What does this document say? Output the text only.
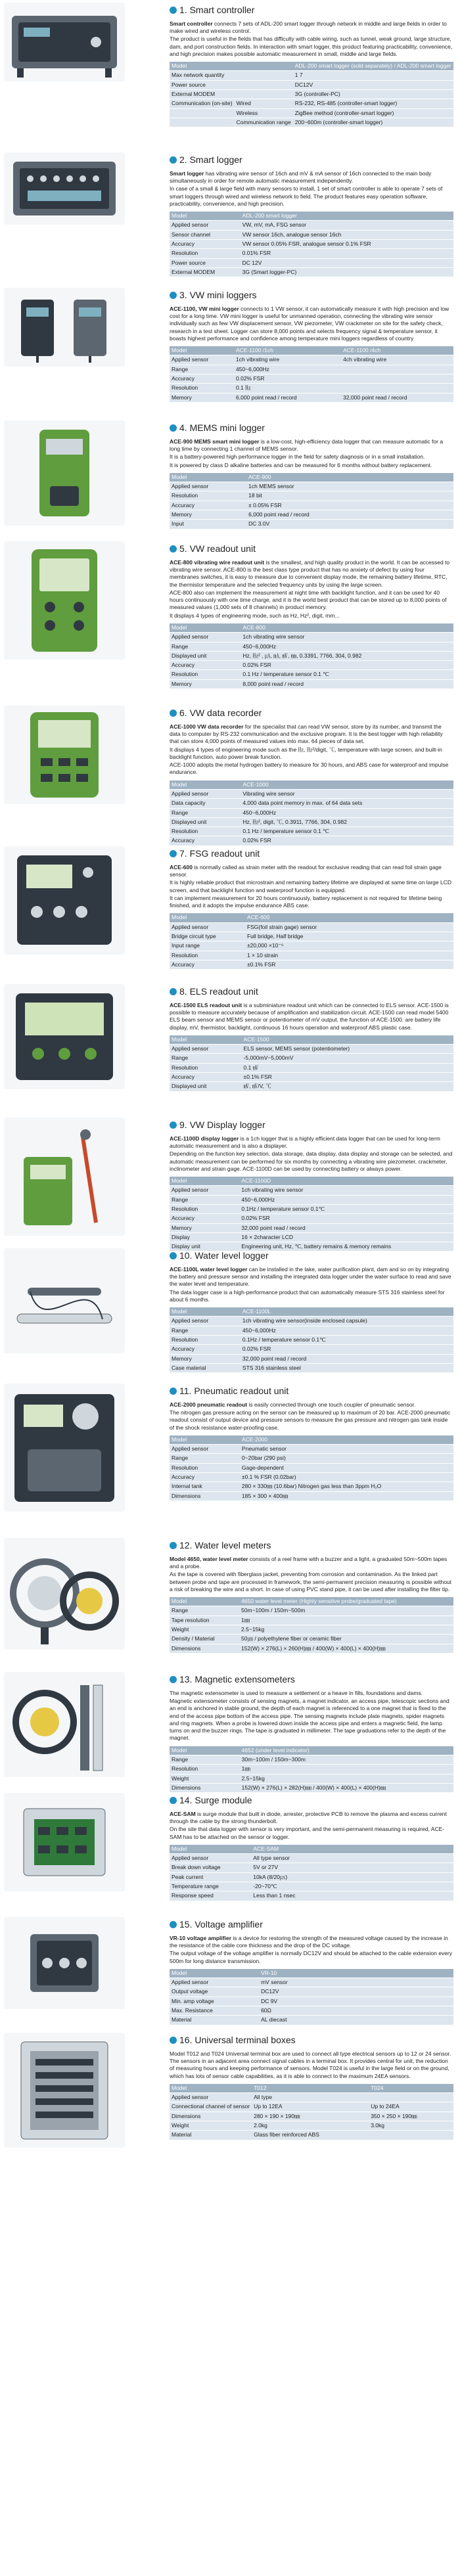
1 . Smart controller

Smart controller connects 7 sets of ADL-200 smart logger through network in middle and large fields in order to make wired and wireless control.

The product is useful in the fields that has difficulty with cable wiring, such as tunnel, weak ground, large structure, dam, and port construction fields. In interaction with smart logger, this product featuring practicability, convenience, and high precision makes possible automatic measurement in small, middle and large fields.

Model		ADL-200 smart logger (sold separately) / ADL-200 smart logger
Max network quantity		1 7
Power source		DC12V
External MODEM		3G (controller-PC)
Communication (on-site)	Wired	RS-232, RS-485 (controller-smart logger)
	Wireless	ZigBee method (controller-smart logger)
	Communication range	200~600m (controller-smart logger)
2 . Smart logger

Smart logger has vibrating wire sensor of 16ch and mV & mA sensor of 16ch connected to the main body simultaneously in order for remote automatic measurement independently.

In case of a small & large field with many sensors to install, 1 set of smart controller is able to operate 7 sets of smart loggers through wired and wireless network to field. The product features easy operation software, practicability, convenience, and high precision.

Model		ADL-200 smart logger
Applied sensor		VW, mV, mA, FSG sensor
Sensor channel		VW sensor 16ch, analogue sensor 16ch
Accuracy		VW sensor 0.05% FSR, analogue sensor 0.1% FSR
Resolution		0.01% FSR
Power source		DC 12V
External MODEM		3G (Smart logger-PC)
3 . VW mini loggers

ACE-1100, VW mini logger connects to 1 VW sensor, it can automatically measure it with high precision and low cost for a long time. VW mini logger is useful for unmanned operation, connecting the vibrating wire sensor individually such as few VW displacement sensor, VW piezometer, VW crackmeter on site for the safety check, research in a test sheet. Logger can store 8,000 points and selects frequency signal & temperature sensor, it boasts highest performance and confidence among temperature mini loggers regardless of country

Model	ACE-1100 /1ch	ACE-1100 /4ch
Applied sensor	1ch vibrating wire	4ch vibrating wire
Range	450~6,000Hz	
Accuracy	0.02% FSR	
Resolution	0.1 ㎐	
Memory	6,000 point read / record	32,000 point read / record
4 . MEMS mini logger

ACE-900 MEMS smart mini logger is a low-cost, high-efficiency data logger that can measure automatic for a long time by connecting 1 channel of MEMS sensor.

It is a battery-powered high performance logger in the field for safety diagnosis or in a small installation.

It is powered by class D alkaline batteries and can be measured for 6 months without battery replacement.

Model		ACE-900
Applied sensor		1ch MEMS sensor
Resolution		18 bit
Accuracy		± 0.05% FSR
Memory		6,000 point read / record
Input		DC 3.0V
5 . VW readout unit

ACE-800 vibrating wire readout unit is the smallest, and high quality product in the world. It can be accessed to vibrating wire sensor. ACE-800 is the best class type product that has no anxiety of defect by using four membranes switches, it is easy to measure due to convenient display mode, the remaining battery lifetime, RTC, the thermistor temperature and the selected frequency units by using the large screen.

ACE-800 also can implement the measurement at night time with backlight function, and it can be used for 40 hours continuously with one time charge, and it is the world best product that can be stored up to 8,000 points of measured values (1,000 sets of 8 channels) in product memory.

It displays 4 types of engineering mode, such as Hz, Hz², digit, mm...

Model		ACE-800
Applied sensor		1ch vibrating wire sensor
Range		450~6,000Hz
Displayed unit		Hz, ㎐² , ㎂, ㎃, ㎷, ㎜, 0.3391, 7766, 304, 0.982
Accuracy		0.02% FSR
Resolution		0.1 Hz / temperature sensor 0.1 ℃
Memory		8,000 point read / record
6 . VW data recorder

ACE-1000 VW data recorder for the specialist that can read VW sensor, store by its number, and transmit the data to computer by RS-232 communication and the exclusive program. It is the best logger with high reliability that can store 4,000 points of measured values into max. 64 pieces of data set.

It displays 4 types of engineering mode such as the ㎐, ㎐²/digit, ℃, temperature with large screen, and built-in backlight function, auto power break function.

ACE-1000 adopts the metal hydrogen battery to measure for 30 hours, and ABS case for waterproof and impulse endurance.

Model		ACE-1000
Applied sensor		Vibrating wire sensor
Data capacity		4,000 data point memory in max. of 64 data sets
Range		450~6,000Hz
Displayed unit		Hz, ㎐², digit, ℃, 0.3911, 7766, 304, 0.982
Resolution		0.1 Hz / temperature sensor 0.1 ℃
Accuracy		0.02% FSR
7 . FSG readout unit

ACE-600 is normally called as strain meter with the readout for exclusive reading that can read foil strain gage sensor.

It is highly reliable product that microstrain and remaining battery lifetime are displayed at same time on large LCD screen, and that backlight function and waterproof function is equipped.

It can implement measurement for 20 hours continuously, battery replacement is not required for lifetime being finished, and it adopts the impulse endurance ABS case.

Model		ACE-600
Applied sensor		FSG(foil strain gage) sensor
Bridge circuit type		Full bridge, Half bridge
Input range		±20,000 ×10⁻⁶
Resolution		1 × 10 strain
Accuracy		±0.1% FSR
8 . ELS readout unit

ACE-1500 ELS readout unit is a subminiature readout unit which can be connected to ELS sensor. ACE-1500 is possible to measure accurately because of amplification and stabilization circuit. ACE-1500 can read model 5400 ELS beam sensor and MEMS sensor or potentiometer of mV output. the function of ACE-1500. are battery life display, mV, thermistor, backlight, continuous 16 hours operation and waterproof ABS plastic case.

Model		ACE-1500
Applied sensor		ELS sensor, MEMS sensor (potentiometer)
Range		-5,000mV~5,000mV
Resolution		0.1 ㎷
Accuracy		±0.1% FSR
Displayed unit		㎷, ㎷/V, ℃
9 . VW Display logger

ACE-1100D display logger is a 1ch logger that is a highly efficient data logger that can be used for long-term automatic measurement and is also a displayer.

Depending on the function key selection, data storage, data display, data display and storage can be selected, and automatic measurement can be performed for six months by connecting a vibrating wire piezometer, crackmeter, inclinometer and strain gage. ACE-1100D can be used by connecting battery or always power.

Model		ACE-1100D
Applied sensor		1ch vibrating wire sensor
Range		450~6,000Hz
Resolution		0.1Hz / temperature sensor 0.1℃
Accuracy		0.02% FSR
Memory		32,000 point read / record
Display		16 × 2character LCD
Display unit		Engineering unit, Hz, ℃, battery remains & memory remains
10 . Water level logger

ACE-1100L water level logger can be installed in the lake, water purification plant, dam and so on by integrating the battery and pressure sensor and installing the integrated data logger under the water surface to read and save the water level and temperature.

The data logger case is a high-performance product that can automatically measure STS 316 stainless steel for about 6 months.

Model		ACE-1100L
Applied sensor		1ch vibrating wire sensor(inside enclosed capsule)
Range		450~6,000Hz
Resolution		0.1Hz / temperature sensor 0.1℃
Accuracy		0.02% FSR
Memory		32,000 point read / record
Case material		STS 316 stainless steel
11 . Pneumatic readout unit

ACE-2000 pneumatic readout is easily connected through one touch coupler of pneumatic sensor.

The nitrogen gas pressure acting on the sensor can be measured up to maximum of 20 bar. ACE-2000 pneumatic readout consist of output device and pressure sensors to measure the gas pressure and nitrogen gas tank inside of the shock resistance water-proofing case.

Model		ACE-2000
Applied sensor		Pneumatic sensor
Range		0~20bar (290 psi)
Resolution		Gage-dependent
Accuracy		±0.1 % FSR (0.02bar)
Internal tank		280 × 330㎜ (10.6bar) Nitrogen gas less than 3ppm H₂O
Dimensions		185 × 300 × 400㎜
12 . Water level meters

Model 4650, water level meter consists of a reel frame with a buzzer and a light, a graduated 50m~500m tapes and a probe.

As the tape is covered with fiberglass jacket, preventing from corrosion and contamination. As the linked part between probe and tape are processed in framework, the semi-permanent precision measuring is possible without a risk of breaking the wire and a short. In case of using PVC stand pipe, it can be used after installing the filter tip.

Model		4650 water level meter (Highly sensitive probe/graduated tape)
Range		50m~100m / 150m~500m
Tape resolution		1㎜
Weight		2.5~15kg
Density / Material		50㎛ / polyethylene fiber or ceramic fiber
Dimensions		152(W) × 276(L) × 260(H)㎜ / 400(W) × 400(L) × 400(H)㎜
13 . Magnetic extensometers

The magnetic extensometer is used to measure a settlement or a heave in fills, foundations and dams.

Magnetic extensometer consists of sensing magnets, a magnet indicator, an access pipe, telescopic sections and an end is anchored in stable ground, the depth of each magnet is referenced to a one magnet that is fixed to the end of the access pipe bottom of the access pipe. The sensing magnets include plate magnets, spider magnets and ring magnets. When a probe is lowered down inside the access pipe and enters a magnetic field, the lamp turns on and the buzzer rings. The tape is graduated in millimeter. The tape graduations refer to the depth of the magnet.

Model		4652 (under level indicator)
Range		30m~100m / 150m~300m
Resolution		1㎜
Weight		2.5~15kg
Dimensions		152(W) × 276(L) × 282(H)㎜ / 400(W) × 400(L) × 400(H)㎜
14 . Surge module

ACE-SAM is surge module that built in diode, arrester, protective PCB to remove the plasma and excess current through the cable by the strong thunderbolt.

On the site that data logger with sensor is very important, and the semi-permanent measuring is required, ACE-SAM has to be attached on the sensor or logger.

Model		ACE-SAM
Applied sensor		All type sensor
Break down voltage		5V or 27V
Peak current		10kA (8/20㎲)
Temperature range		-20~70℃
Response speed		Less than 1 nsec
15 . Voltage amplifier

VR-10 voltage amplifier is a device for restoring the strength of the measured voltage caused by the increase in the resistance of the cable core thickness and the drop of the DC voltage.

The output voltage of the voltage amplifier is normally DC12V and should be attached to the cable extension every 500m for long distance transmission.

Model		VR-10
Applied sensor		mV sensor
Output voltage		DC12V
Min. amp voltage		DC 9V
Max. Resistance		60Ω
Material		AL diecast
16 . Universal terminal boxes

Model T012 and T024 Universal terminal box are used to connect all type electrical sensors up to 12 or 24 sensor. The sensors in an adjacent area connect signal cables in a terminal box. It provides central for unit, the reduction of measuring hours and keeping performance of sensors. Model T024 is useful in the large field or on the ground, which has lots of sensor cable capabilities, as it is able to connect to the maximum 24EA sensors.

Model	T012	T024
Applied sensor	All type	
Connectional channel of sensor	Up to 12EA	Up to 24EA
Dimensions	280 × 190 × 190㎜	350 × 250 × 190㎜
Weight	2.0kg	3.0kg
Material	Glass fiber reinforced ABS	
